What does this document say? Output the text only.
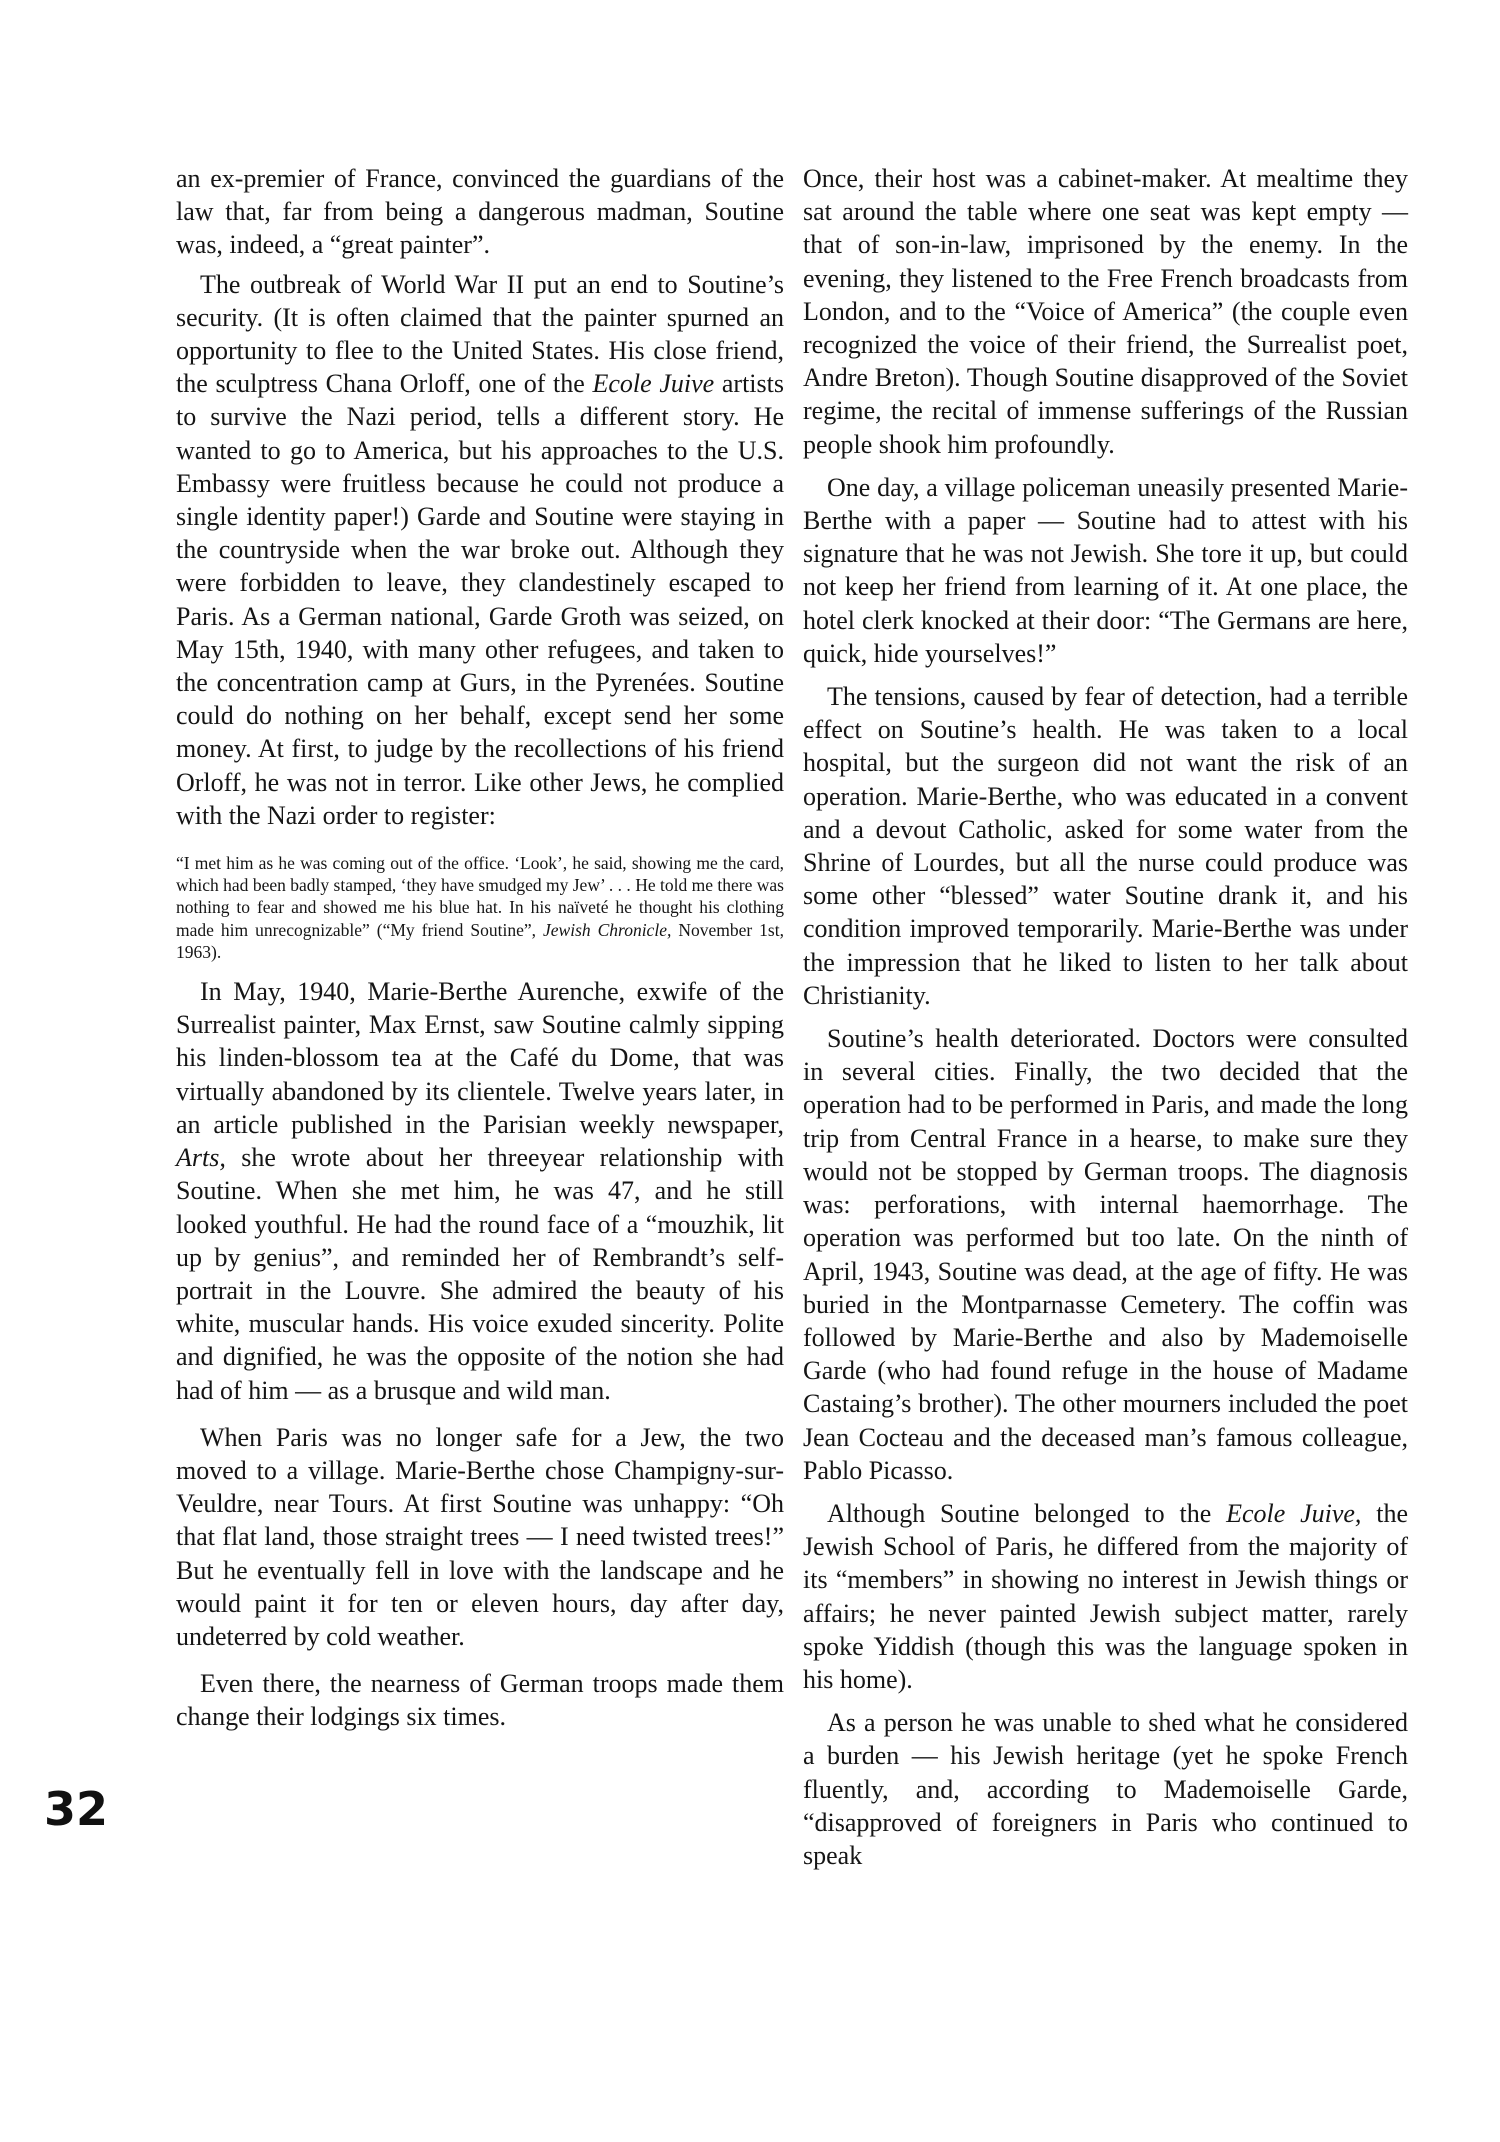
an ex-premier of France, convinced the guardians of the law that, far from being a dangerous madman, Soutine was, indeed, a “great painter”.

The outbreak of World War II put an end to Soutine’s security. (It is often claimed that the painter spurned an opportunity to flee to the United States. His close friend, the sculptress Chana Orloff, one of the Ecole Juive artists to survive the Nazi period, tells a different story. He wanted to go to America, but his approaches to the U.S. Embassy were fruitless because he could not produce a single identity paper!) Garde and Soutine were staying in the countryside when the war broke out. Although they were forbidden to leave, they clandestinely escaped to Paris. As a German national, Garde Groth was seized, on May 15th, 1940, with many other refugees, and taken to the concentration camp at Gurs, in the Pyrenées. Soutine could do nothing on her behalf, except send her some money. At first, to judge by the recollections of his friend Orloff, he was not in terror. Like other Jews, he complied with the Nazi order to register:

“I met him as he was coming out of the office. ‘Look’, he said, showing me the card, which had been badly stamped, ‘they have smudged my Jew’ . . . He told me there was nothing to fear and showed me his blue hat. In his naïveté he thought his clothing made him unrecognizable” (“My friend Soutine”, Jewish Chronicle, November 1st, 1963).

In May, 1940, Marie-Berthe Aurenche, exwife of the Surrealist painter, Max Ernst, saw Soutine calmly sipping his linden-blossom tea at the Café du Dome, that was virtually abandoned by its clientele. Twelve years later, in an article published in the Parisian weekly newspaper, Arts, she wrote about her threeyear relationship with Soutine. When she met him, he was 47, and he still looked youthful. He had the round face of a “mouzhik, lit up by genius”, and reminded her of Rembrandt’s self-portrait in the Louvre. She admired the beauty of his white, muscular hands. His voice exuded sincerity. Polite and dignified, he was the opposite of the notion she had had of him — as a brusque and wild man.

When Paris was no longer safe for a Jew, the two moved to a village. Marie-Berthe chose Champigny-sur-Veuldre, near Tours. At first Soutine was unhappy: “Oh that flat land, those straight trees — I need twisted trees!” But he eventually fell in love with the landscape and he would paint it for ten or eleven hours, day after day, undeterred by cold weather.

Even there, the nearness of German troops made them change their lodgings six times.

Once, their host was a cabinet-maker. At mealtime they sat around the table where one seat was kept empty — that of son-in-law, imprisoned by the enemy. In the evening, they listened to the Free French broadcasts from London, and to the “Voice of America” (the couple even recognized the voice of their friend, the Surrealist poet, Andre Breton). Though Soutine disapproved of the Soviet regime, the recital of immense sufferings of the Russian people shook him profoundly.

One day, a village policeman uneasily presented Marie-Berthe with a paper — Soutine had to attest with his signature that he was not Jewish. She tore it up, but could not keep her friend from learning of it. At one place, the hotel clerk knocked at their door: “The Germans are here, quick, hide yourselves!”

The tensions, caused by fear of detection, had a terrible effect on Soutine’s health. He was taken to a local hospital, but the surgeon did not want the risk of an operation. Marie-Berthe, who was educated in a convent and a devout Catholic, asked for some water from the Shrine of Lourdes, but all the nurse could produce was some other “blessed” water Soutine drank it, and his condition improved temporarily. Marie-Berthe was under the impression that he liked to listen to her talk about Christianity.

Soutine’s health deteriorated. Doctors were consulted in several cities. Finally, the two decided that the operation had to be performed in Paris, and made the long trip from Central France in a hearse, to make sure they would not be stopped by German troops. The diagnosis was: perforations, with internal haemorrhage. The operation was performed but too late. On the ninth of April, 1943, Soutine was dead, at the age of fifty. He was buried in the Montparnasse Cemetery. The coffin was followed by Marie-Berthe and also by Mademoiselle Garde (who had found refuge in the house of Madame Castaing’s brother). The other mourners included the poet Jean Cocteau and the deceased man’s famous colleague, Pablo Picasso.

Although Soutine belonged to the Ecole Juive, the Jewish School of Paris, he differed from the majority of its “members” in showing no interest in Jewish things or affairs; he never painted Jewish subject matter, rarely spoke Yiddish (though this was the language spoken in his home).

As a person he was unable to shed what he considered a burden — his Jewish heritage (yet he spoke French fluently, and, according to Mademoiselle Garde, “disapproved of foreigners in Paris who continued to speak

32
